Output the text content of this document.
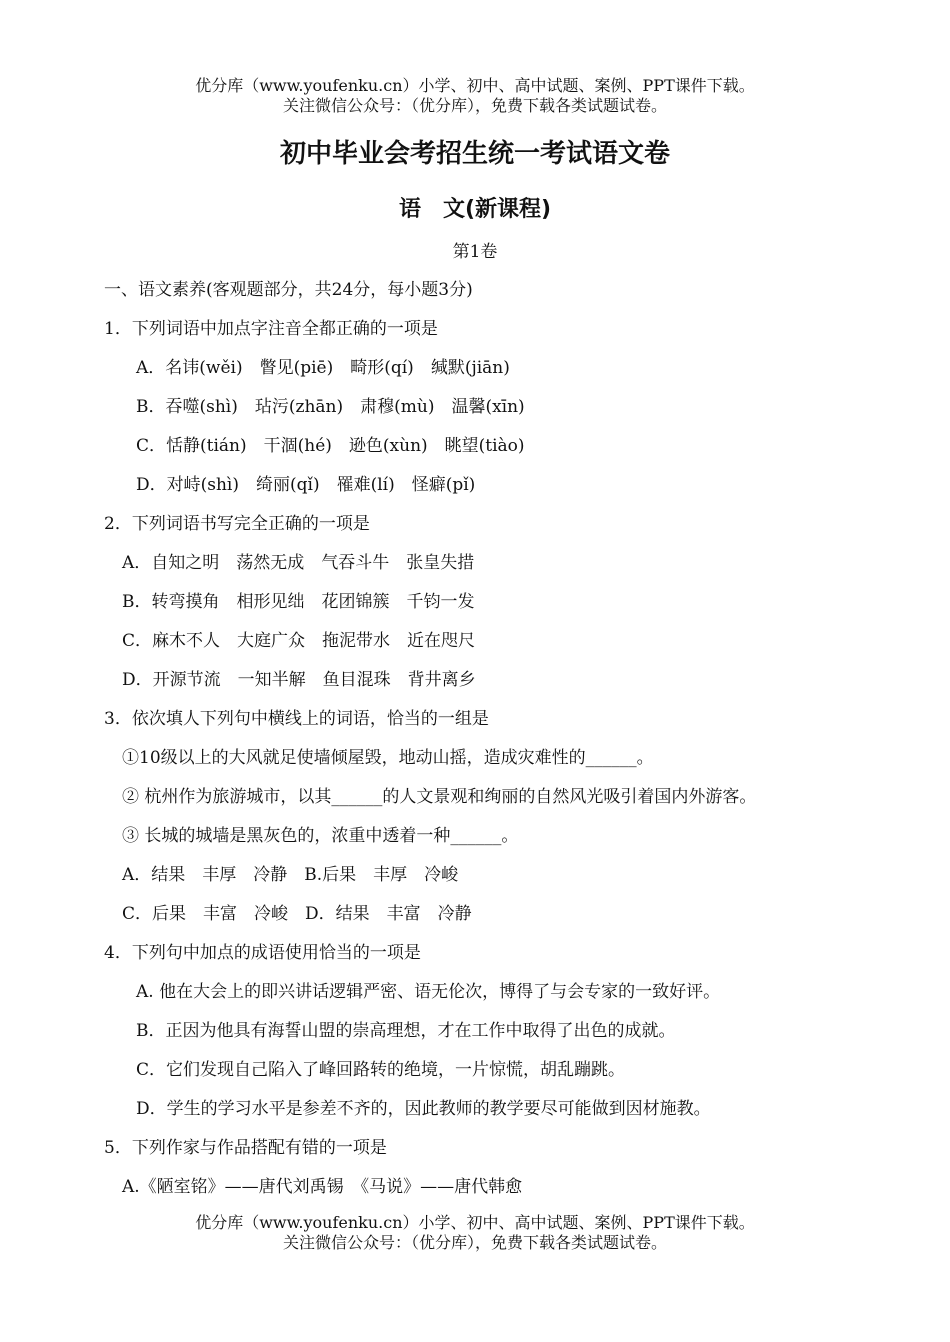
优分库（www.youfenku.cn）小学、初中、高中试题、案例、PPT课件下载。
关注微信公众号：（优分库），免费下载各类试题试卷。
初中毕业会考招生统一考试语文卷
语　文(新课程)
第1卷
一、语文素养(客观题部分，共24分，每小题3分)
1．下列词语中加点字注音全都正确的一项是
A．名讳(wěi)　瞥见(piē)　畸形(qí)　缄默(jiān)
B．吞噬(shì)　玷污(zhān)　肃穆(mù)　温馨(xīn)
C．恬静(tián)　干涸(hé)　逊色(xùn)　眺望(tiào)
D．对峙(shì)　绮丽(qǐ)　罹难(lí)　怪癖(pǐ)
2．下列词语书写完全正确的一项是
A．自知之明　荡然无成　气吞斗牛　张皇失措
B．转弯摸角　相形见绌　花团锦簇　千钧一发
C．麻木不人　大庭广众　拖泥带水　近在咫尺
D．开源节流　一知半解　鱼目混珠　背井离乡
3．依次填人下列句中横线上的词语，恰当的一组是
①10级以上的大风就足使墙倾屋毁，地动山摇，造成灾难性的______。
② 杭州作为旅游城市，以其______的人文景观和绚丽的自然风光吸引着国内外游客。
③ 长城的城墙是黑灰色的，浓重中透着一种______。
A．结果　丰厚　冷静　B.后果　丰厚　冷峻
C．后果　丰富　冷峻　D．结果　丰富　冷静
4．下列句中加点的成语使用恰当的一项是
A. 他在大会上的即兴讲话逻辑严密、语无伦次，博得了与会专家的一致好评。
B．正因为他具有海誓山盟的崇高理想，才在工作中取得了出色的成就。
C．它们发现自己陷入了峰回路转的绝境，一片惊慌，胡乱蹦跳。
D．学生的学习水平是参差不齐的，因此教师的教学要尽可能做到因材施教。
5．下列作家与作品搭配有错的一项是
A.《陋室铭》——唐代刘禹锡　《马说》——唐代韩愈
优分库（www.youfenku.cn）小学、初中、高中试题、案例、PPT课件下载。
关注微信公众号：（优分库），免费下载各类试题试卷。
